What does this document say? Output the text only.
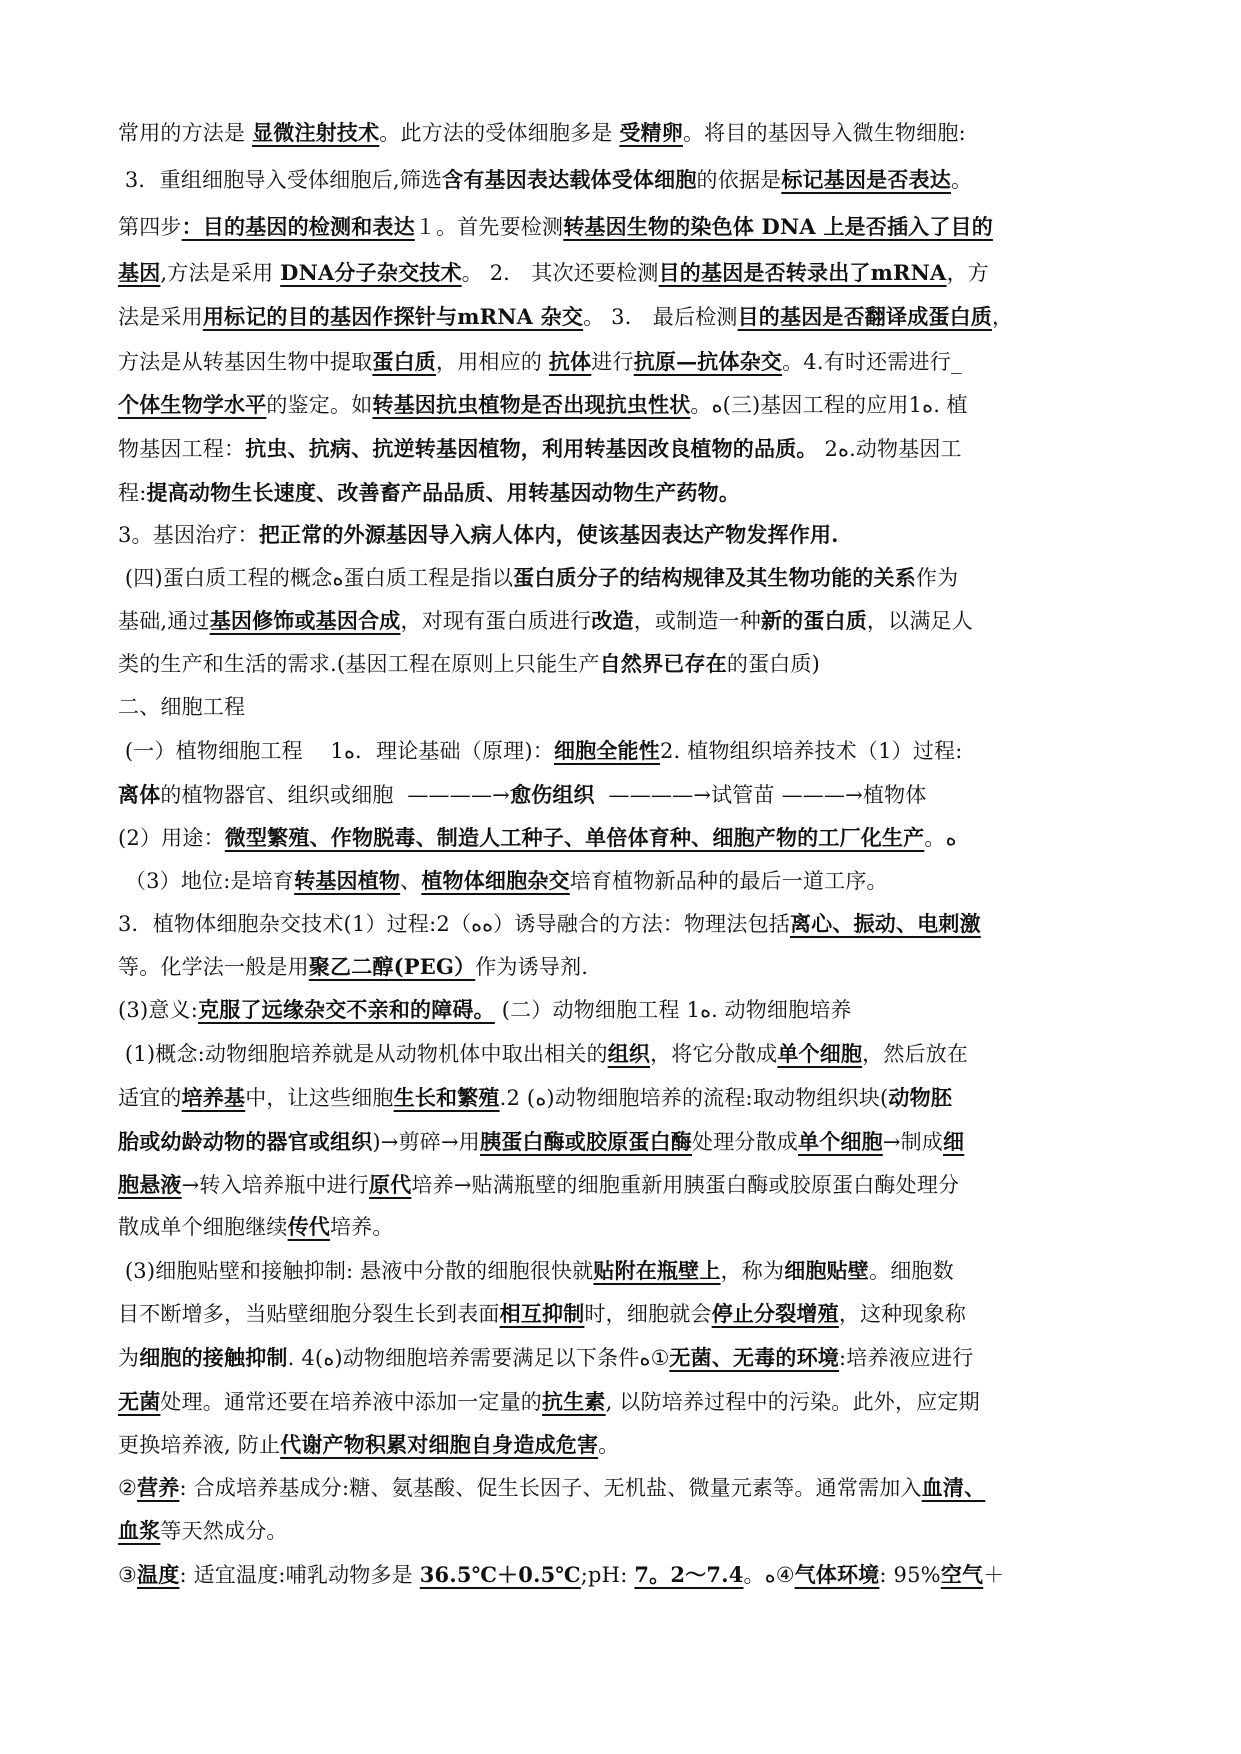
常用的方法是 显微注射技术。此方法的受体细胞多是 受精卵。将目的基因导入微生物细胞:
3．重组细胞导入受体细胞后,筛选含有基因表达载体受体细胞的依据是标记基因是否表达。
第四步：目的基因的检测和表达１。首先要检测转基因生物的染色体 DNA 上是否插入了目的
基因,方法是采用 DNA分子杂交技术。 2． 其次还要检测目的基因是否转录出了mRNA，方
法是采用用标记的目的基因作探针与mRNA 杂交。 3． 最后检测目的基因是否翻译成蛋白质，
方法是从转基因生物中提取蛋白质，用相应的 抗体进行抗原—抗体杂交。4.有时还需进行_
个体生物学水平的鉴定。如转基因抗虫植物是否出现抗虫性状。ﻩ(三)基因工程的应用1ﻩ. 植
物基因工程：抗虫、抗病、抗逆转基因植物，利用转基因改良植物的品质。 2ﻩ.动物基因工
程:提高动物生长速度、改善畜产品品质、用转基因动物生产药物。
3。基因治疗：把正常的外源基因导入病人体内，使该基因表达产物发挥作用.
(四)蛋白质工程的概念ﻩ蛋白质工程是指以蛋白质分子的结构规律及其生物功能的关系作为
基础,通过基因修饰或基因合成，对现有蛋白质进行改造，或制造一种新的蛋白质，以满足人
类的生产和生活的需求.(基因工程在原则上只能生产自然界已存在的蛋白质)
二、细胞工程
(一）植物细胞工程    1ﻩ．理论基础（原理)：细胞全能性2. 植物组织培养技术（1）过程:
离体的植物器官、组织或细胞  ————→愈伤组织  ————→试管苗 ———→植物体
(2）用途：微型繁殖、作物脱毒、制造人工种子、单倍体育种、细胞产物的工厂化生产。ﻩ
（3）地位:是培育转基因植物、植物体细胞杂交培育植物新品种的最后一道工序。
3．植物体细胞杂交技术(1）过程:2（ﻩﻩ）诱导融合的方法：物理法包括离心、振动、电刺激
等。化学法一般是用聚乙二醇(PEG）作为诱导剂.
(3)意义:克服了远缘杂交不亲和的障碍。 (二）动物细胞工程 1ﻩ. 动物细胞培养
(1)概念:动物细胞培养就是从动物机体中取出相关的组织，将它分散成单个细胞，然后放在
适宜的培养基中，让这些细胞生长和繁殖.2 (ﻩ)动物细胞培养的流程:取动物组织块(动物胚
胎或幼龄动物的器官或组织)→剪碎→用胰蛋白酶或胶原蛋白酶处理分散成单个细胞→制成细
胞悬液→转入培养瓶中进行原代培养→贴满瓶壁的细胞重新用胰蛋白酶或胶原蛋白酶处理分
散成单个细胞继续传代培养。
(3)细胞贴壁和接触抑制: 悬液中分散的细胞很快就贴附在瓶壁上，称为细胞贴壁。细胞数
目不断增多，当贴壁细胞分裂生长到表面相互抑制时，细胞就会停止分裂增殖，这种现象称
为细胞的接触抑制. 4(ﻩ)动物细胞培养需要满足以下条件ﻩ①无菌、无毒的环境:培养液应进行
无菌处理。通常还要在培养液中添加一定量的抗生素, 以防培养过程中的污染。此外，应定期
更换培养液, 防止代谢产物积累对细胞自身造成危害。
②营养: 合成培养基成分:糖、氨基酸、促生长因子、无机盐、微量元素等。通常需加入血清、
血浆等天然成分。
③温度: 适宜温度:哺乳动物多是 36.5℃＋0.5℃;pH: 7。2～7.4。ﻩ④气体环境: 95%空气＋
